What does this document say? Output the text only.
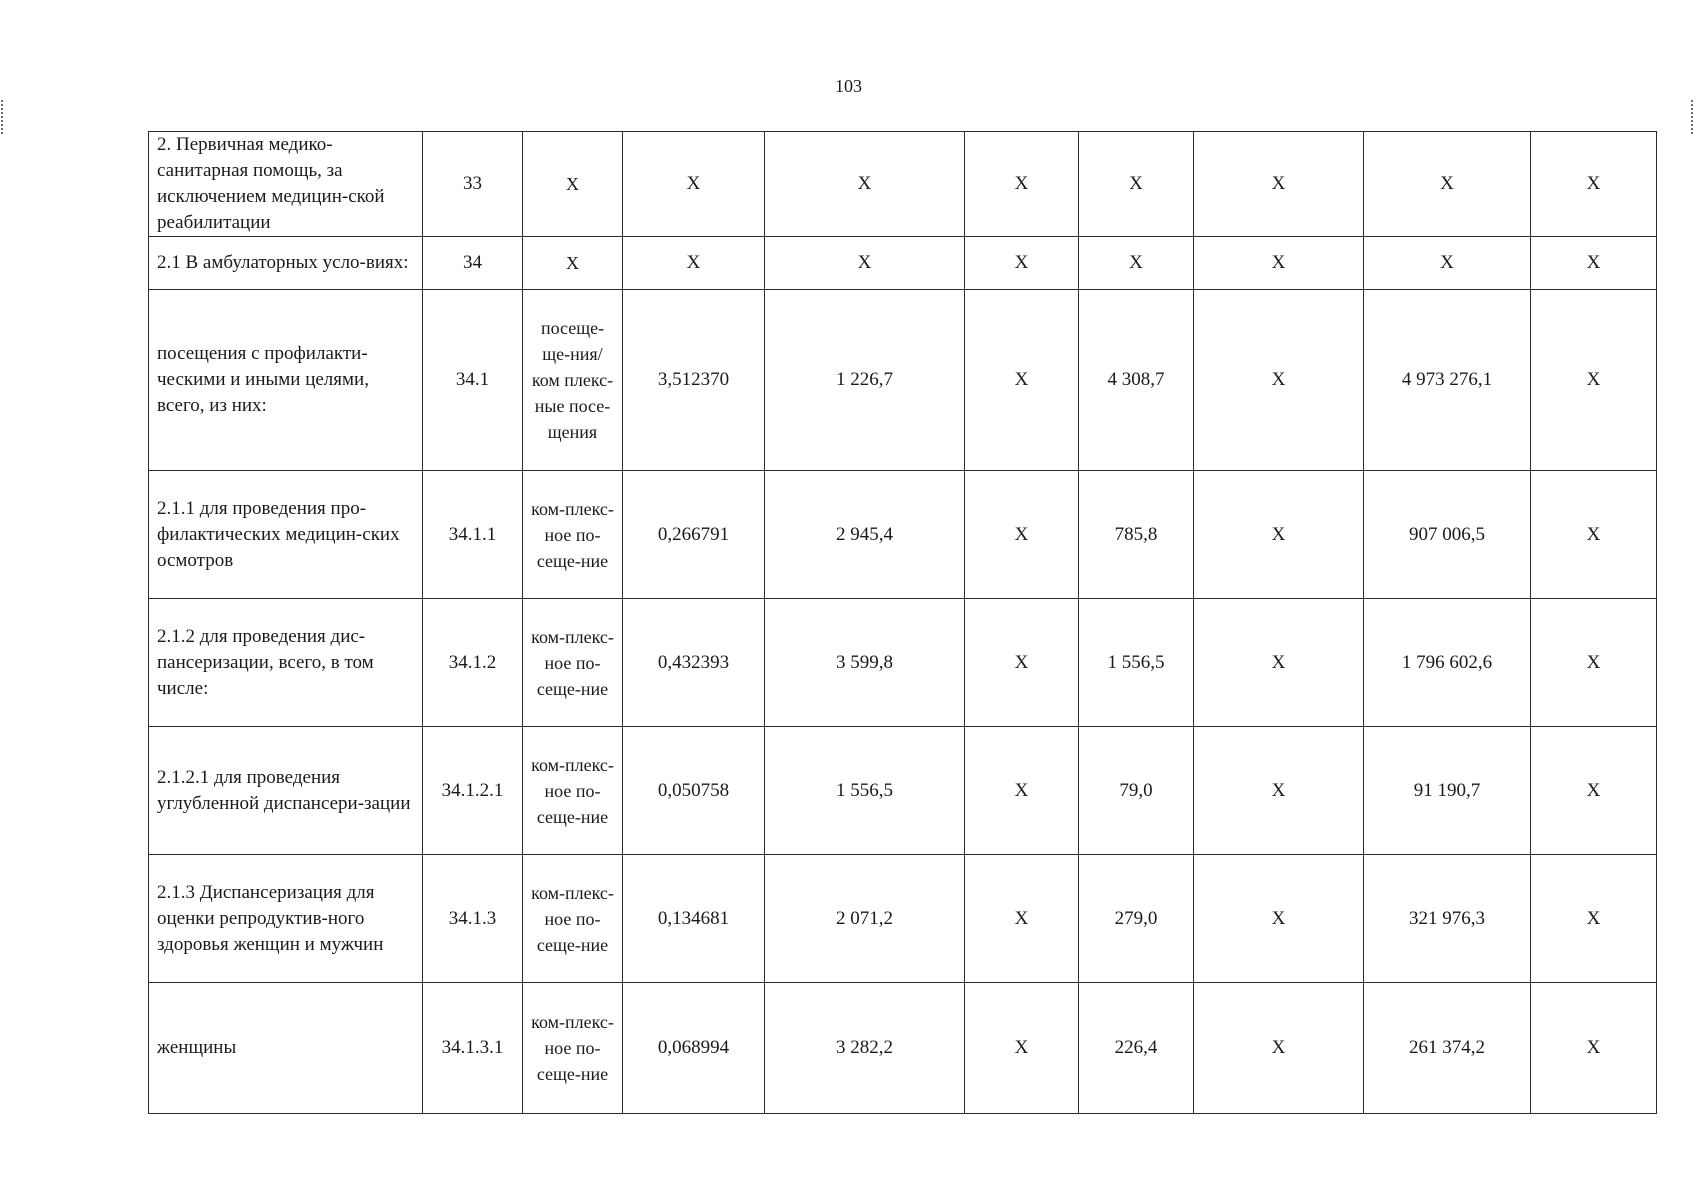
103
2. Первичная медико-санитарная помощь, за исключением медицин-ской реабилитации	33	X	X	X	X	X	X	X	X
2.1 В амбулаторных усло-виях:	34	X	X	X	X	X	X	X	X
посещения с профилакти-ческими и иными целями, всего, из них:	34.1	посеще-ще-ния/ком плекс-ные посе-щения	3,512370	1 226,7	X	4 308,7	X	4 973 276,1	X
2.1.1 для проведения про-филактических медицин-ских осмотров	34.1.1	ком-плекс-ное по-сеще-ние	0,266791	2 945,4	X	785,8	X	907 006,5	X
2.1.2 для проведения дис-пансеризации, всего, в том числе:	34.1.2	ком-плекс-ное по-сеще-ние	0,432393	3 599,8	X	1 556,5	X	1 796 602,6	X
2.1.2.1 для проведения углубленной диспансери-зации	34.1.2.1	ком-плекс-ное по-сеще-ние	0,050758	1 556,5	X	79,0	X	91 190,7	X
2.1.3 Диспансеризация для оценки репродуктив-ного здоровья женщин и мужчин	34.1.3	ком-плекс-ное по-сеще-ние	0,134681	2 071,2	X	279,0	X	321 976,3	X
женщины	34.1.3.1	ком-плекс-ное по-сеще-ние	0,068994	3 282,2	X	226,4	X	261 374,2	X
